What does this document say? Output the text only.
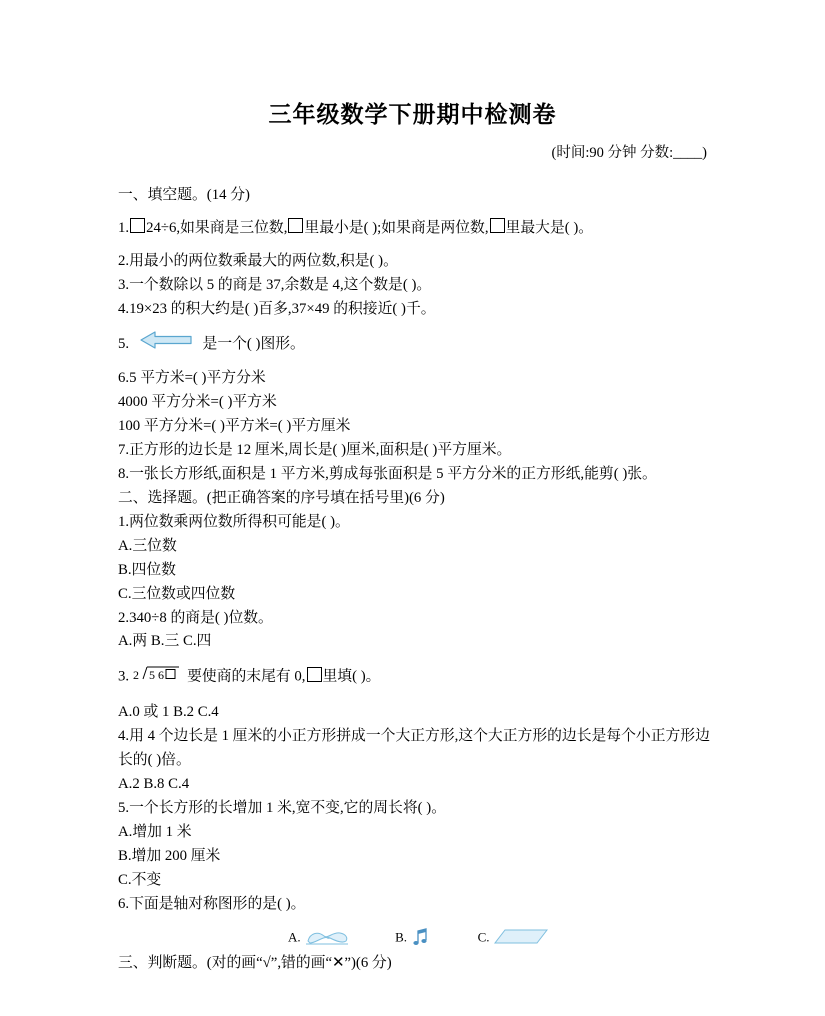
三年级数学下册期中检测卷
(时间:90 分钟 分数:____)
一、填空题。(14 分)
1. 24÷6,如果商是三位数, 里最小是( );如果商是两位数, 里最大是( )。
2.用最小的两位数乘最大的两位数,积是( )。
3.一个数除以 5 的商是 37,余数是 4,这个数是( )。
4.19×23 的积大约是( )百多,37×49 的积接近( )千。
5.	是一个( )图形。
6.5 平方米=( )平方分米
4000 平方分米=( )平方米
100 平方分米=( )平方米=( )平方厘米
7.正方形的边长是 12 厘米,周长是( )厘米,面积是( )平方厘米。
8.一张长方形纸,面积是 1 平方米,剪成每张面积是 5 平方分米的正方形纸,能剪( )张。
二、选择题。(把正确答案的序号填在括号里)(6 分)
1.两位数乘两位数所得积可能是( )。
A.三位数
B.四位数
C.三位数或四位数
2.340÷8 的商是( )位数。
A.两 B.三 C.四
3. 2 5 6 要使商的末尾有 0, 里填( )。
A.0 或 1 B.2 C.4
4.用 4 个边长是 1 厘米的小正方形拼成一个大正方形,这个大正方形的边长是每个小正方形边长的( )倍。
A.2 B.8 C.4
5.一个长方形的长增加 1 米,宽不变,它的周长将( )。
A.增加 1 米
B.增加 200 厘米
C.不变
6.下面是轴对称图形的是( )。
A.	B.	C.
三、判断题。(对的画“√”,错的画“✕”)(6 分)
